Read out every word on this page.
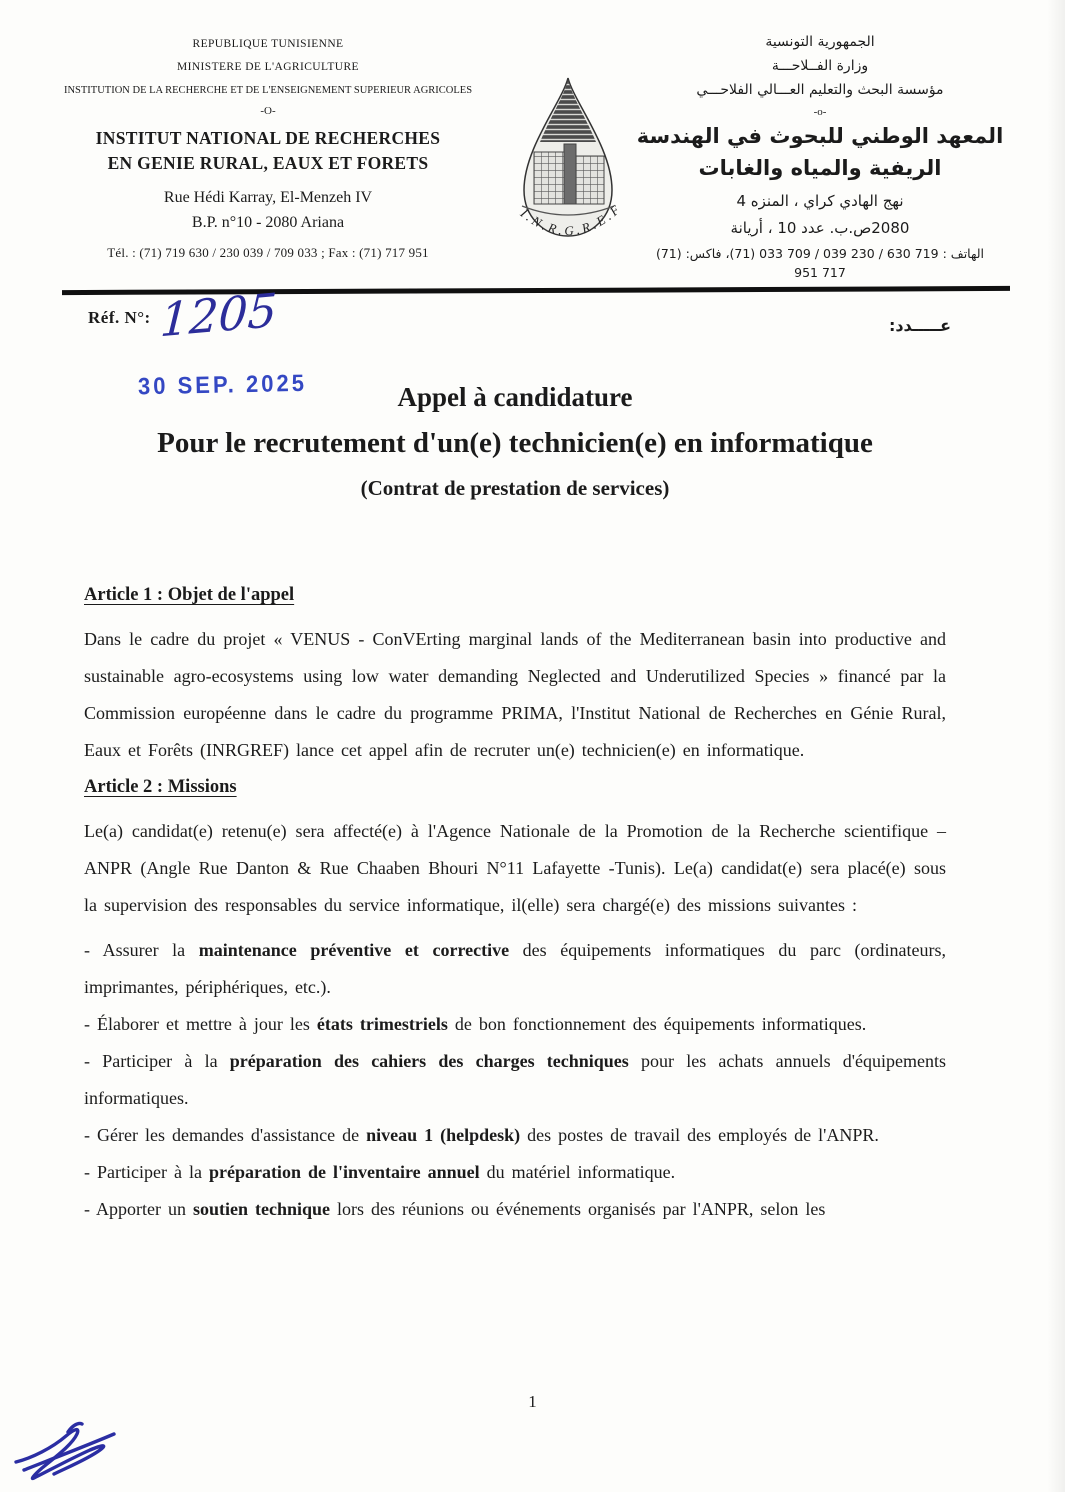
REPUBLIQUE TUNISIENNE
MINISTERE DE L'AGRICULTURE
INSTITUTION DE LA RECHERCHE ET DE L'ENSEIGNEMENT SUPERIEUR AGRICOLES
-O-
INSTITUT NATIONAL DE RECHERCHES
EN GENIE RURAL, EAUX ET FORETS
Rue Hédi Karray, El-Menzeh IV
B.P. n°10 - 2080 Ariana
Tél. : (71) 719 630 / 230 039 / 709 033 ; Fax : (71) 717 951
I . N . R . G . R . E . F
الجمهورية التونسية
وزارة الفــلاحـــة
مؤسسة البحث والتعليم العـــالي الفلاحـــي
-o-
المعهد الوطني للبحوث في الهندسة
الريفية والمياه والغابات
نهج الهادي كراي ، المنزه 4
2080ص.ب. عدد 10 ، أريانة
الهاتف : 719 630 / 230 039 / 709 033 (71)، فاكس: (71)
717 951
Réf. N°: 1205	عـــــدد:
30 SEP. 2025	Appel à candidature
Pour le recrutement d'un(e) technicien(e) en informatique
(Contrat de prestation de services)
Article 1 : Objet de l'appel

Dans le cadre du projet « VENUS - ConVErting marginal lands of the Mediterranean basin into productive and sustainable agro-ecosystems using low water demanding Neglected and Underutilized Species » financé par la Commission européenne dans le cadre du programme PRIMA, l'Institut National de Recherches en Génie Rural, Eaux et Forêts (INRGREF) lance cet appel afin de recruter un(e) technicien(e) en informatique.

Article 2 : Missions

Le(a) candidat(e) retenu(e) sera affecté(e) à l'Agence Nationale de la Promotion de la Recherche scientifique – ANPR (Angle Rue Danton & Rue Chaaben Bhouri N°11 Lafayette -Tunis). Le(a) candidat(e) sera placé(e) sous la supervision des responsables du service informatique, il(elle) sera chargé(e) des missions suivantes :

- Assurer la maintenance préventive et corrective des équipements informatiques du parc (ordinateurs, imprimantes, périphériques, etc.).

- Élaborer et mettre à jour les états trimestriels de bon fonctionnement des équipements informatiques.

- Participer à la préparation des cahiers des charges techniques pour les achats annuels d'équipements informatiques.

- Gérer les demandes d'assistance de niveau 1 (helpdesk) des postes de travail des employés de l'ANPR.

- Participer à la préparation de l'inventaire annuel du matériel informatique.

- Apporter un soutien technique lors des réunions ou événements organisés par l'ANPR, selon les

1
